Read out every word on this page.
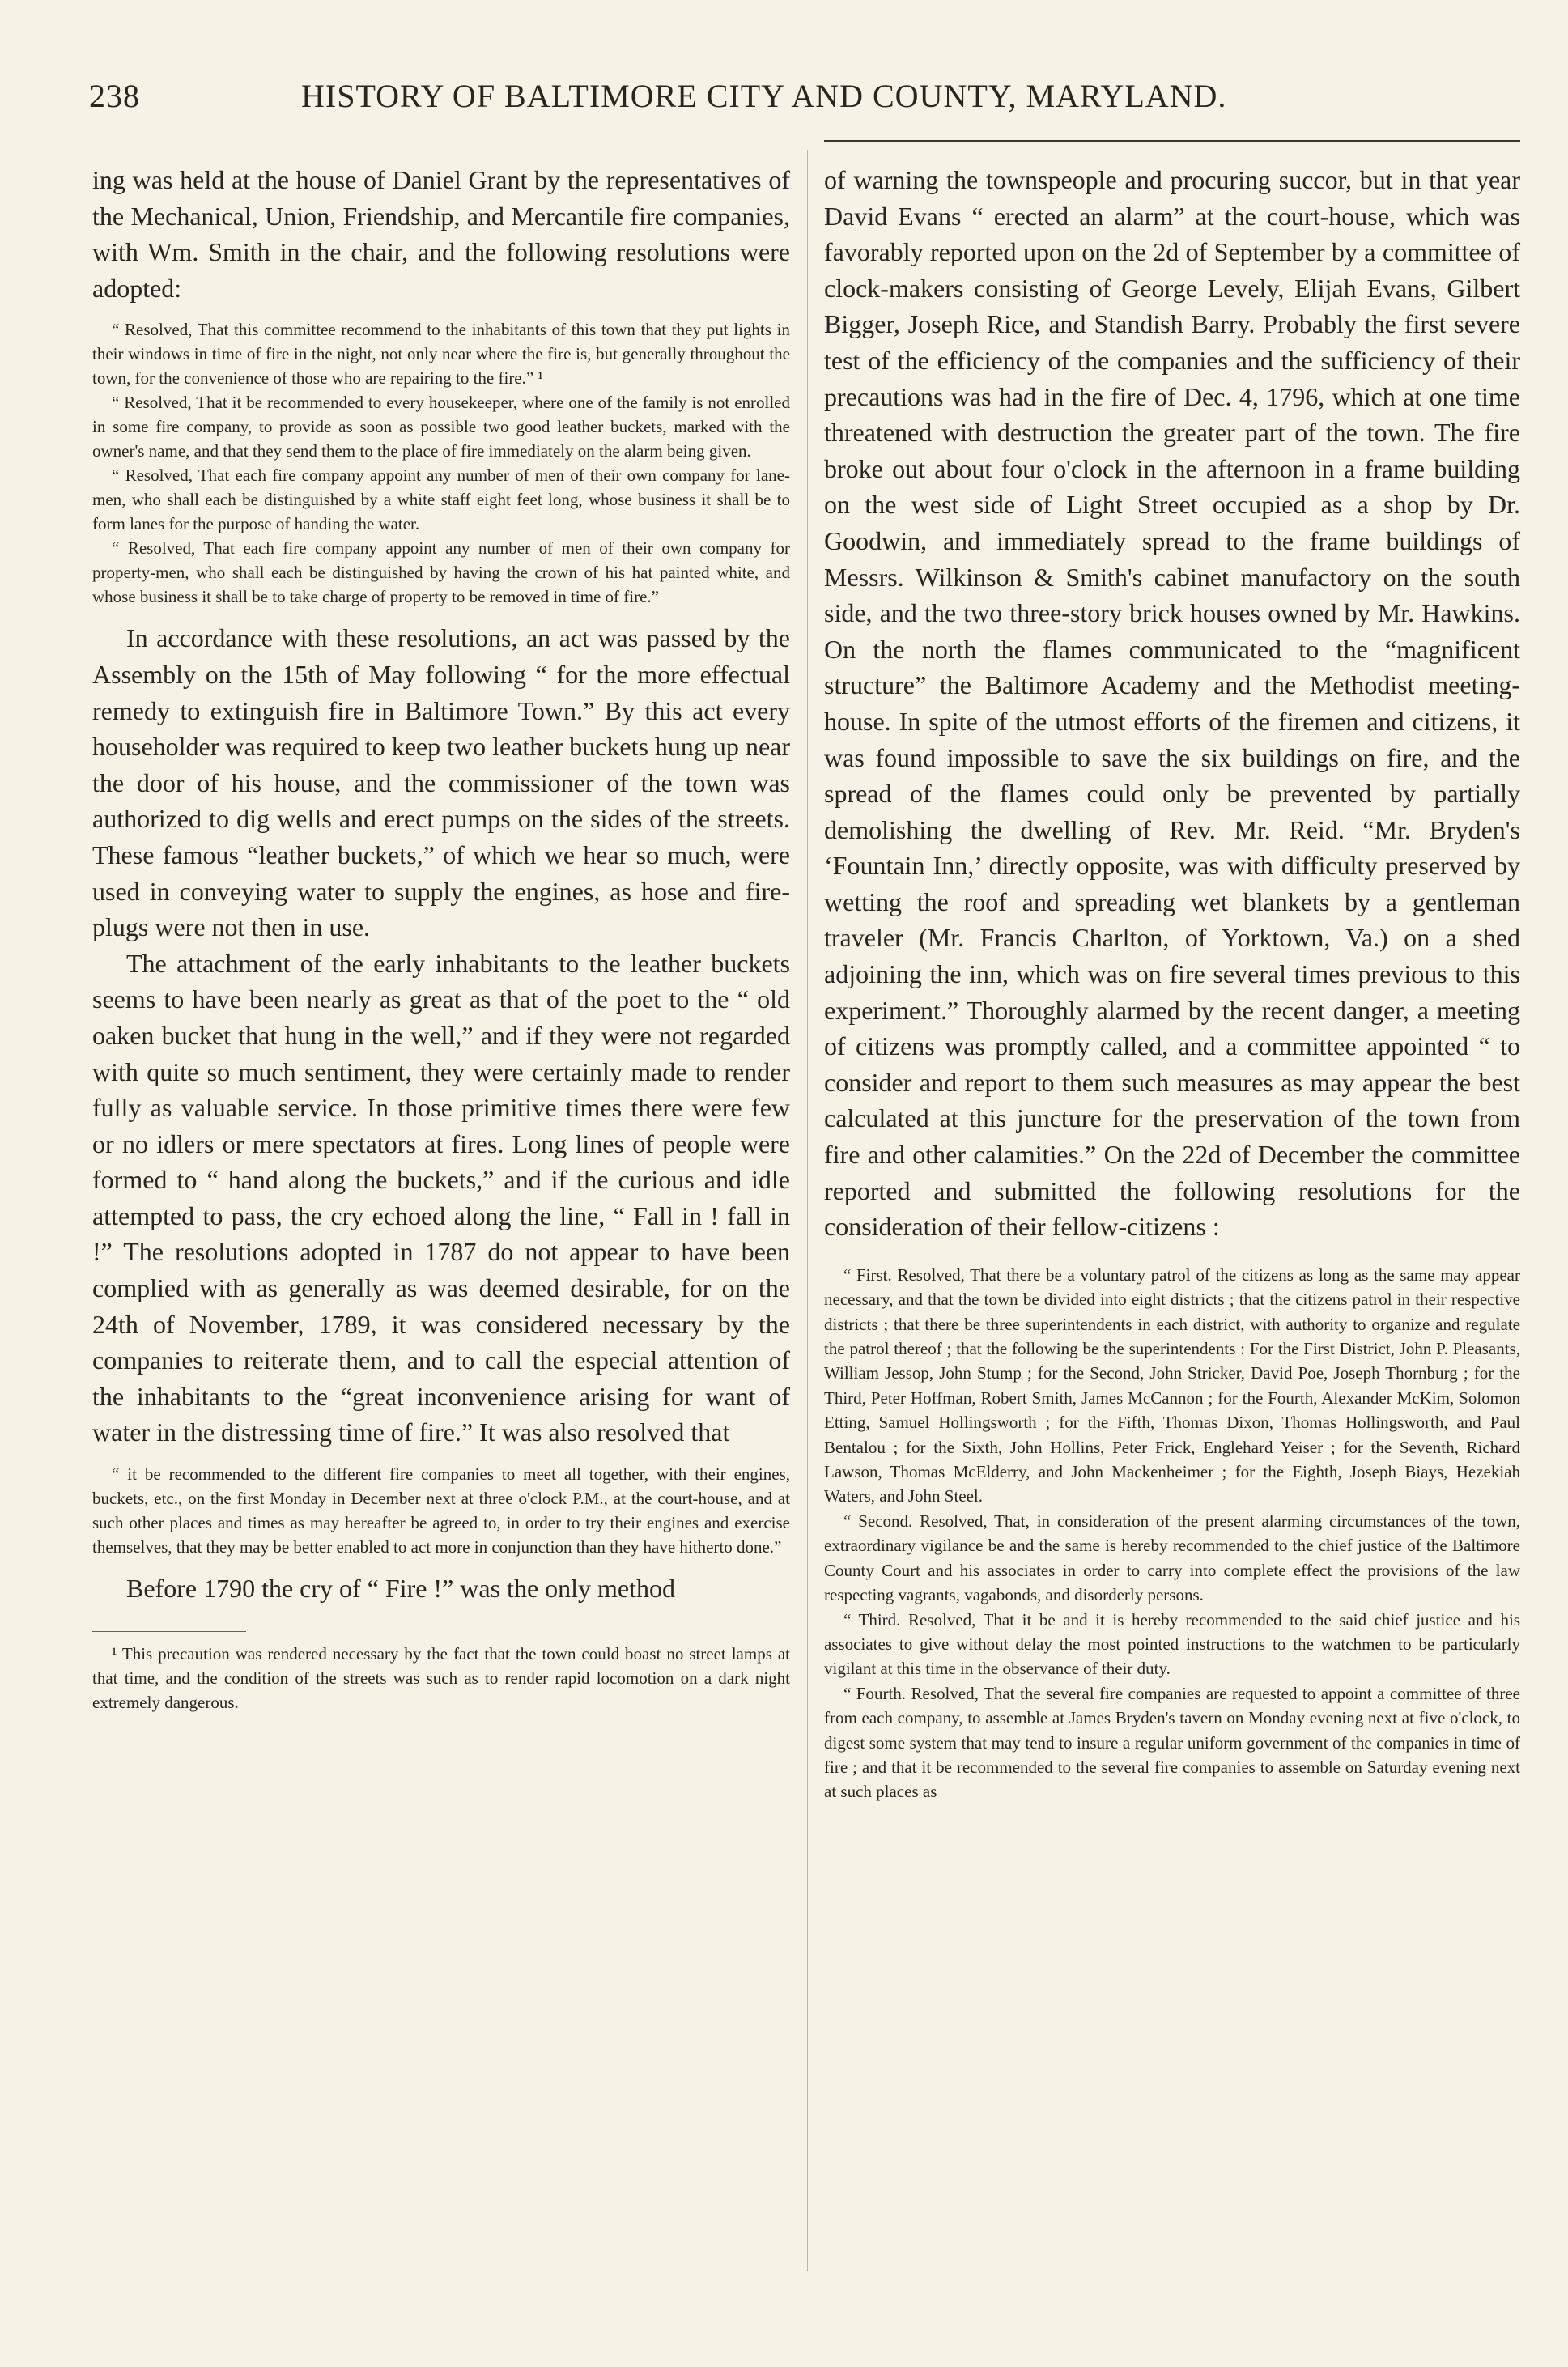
238	HISTORY OF BALTIMORE CITY AND COUNTY, MARYLAND.

ing was held at the house of Daniel Grant by the representatives of the Mechanical, Union, Friendship, and Mercantile fire companies, with Wm. Smith in the chair, and the following resolutions were adopted:

“ Resolved, That this committee recommend to the inhabitants of this town that they put lights in their windows in time of fire in the night, not only near where the fire is, but generally throughout the town, for the convenience of those who are repairing to the fire.” ¹

“ Resolved, That it be recommended to every housekeeper, where one of the family is not enrolled in some fire company, to provide as soon as possible two good leather buckets, marked with the owner's name, and that they send them to the place of fire immediately on the alarm being given.

“ Resolved, That each fire company appoint any number of men of their own company for lane-men, who shall each be distinguished by a white staff eight feet long, whose business it shall be to form lanes for the purpose of handing the water.

“ Resolved, That each fire company appoint any number of men of their own company for property-men, who shall each be distinguished by having the crown of his hat painted white, and whose business it shall be to take charge of property to be removed in time of fire.”

In accordance with these resolutions, an act was passed by the Assembly on the 15th of May following “ for the more effectual remedy to extinguish fire in Baltimore Town.” By this act every householder was required to keep two leather buckets hung up near the door of his house, and the commissioner of the town was authorized to dig wells and erect pumps on the sides of the streets. These famous “leather buckets,” of which we hear so much, were used in conveying water to supply the engines, as hose and fire-plugs were not then in use.

The attachment of the early inhabitants to the leather buckets seems to have been nearly as great as that of the poet to the “ old oaken bucket that hung in the well,” and if they were not regarded with quite so much sentiment, they were certainly made to render fully as valuable service. In those primitive times there were few or no idlers or mere spectators at fires. Long lines of people were formed to “ hand along the buckets,” and if the curious and idle attempted to pass, the cry echoed along the line, “ Fall in ! fall in !” The resolutions adopted in 1787 do not appear to have been complied with as generally as was deemed desirable, for on the 24th of November, 1789, it was considered necessary by the companies to reiterate them, and to call the especial attention of the inhabitants to the “great inconvenience arising for want of water in the distressing time of fire.” It was also resolved that

“ it be recommended to the different fire companies to meet all together, with their engines, buckets, etc., on the first Monday in December next at three o'clock P.M., at the court-house, and at such other places and times as may hereafter be agreed to, in order to try their engines and exercise themselves, that they may be better enabled to act more in conjunction than they have hitherto done.”

Before 1790 the cry of “ Fire !” was the only method

¹ This precaution was rendered necessary by the fact that the town could boast no street lamps at that time, and the condition of the streets was such as to render rapid locomotion on a dark night extremely dangerous.

of warning the townspeople and procuring succor, but in that year David Evans “ erected an alarm” at the court-house, which was favorably reported upon on the 2d of September by a committee of clock-makers consisting of George Levely, Elijah Evans, Gilbert Bigger, Joseph Rice, and Standish Barry. Probably the first severe test of the efficiency of the companies and the sufficiency of their precautions was had in the fire of Dec. 4, 1796, which at one time threatened with destruction the greater part of the town. The fire broke out about four o'clock in the afternoon in a frame building on the west side of Light Street occupied as a shop by Dr. Goodwin, and immediately spread to the frame buildings of Messrs. Wilkinson & Smith's cabinet manufactory on the south side, and the two three-story brick houses owned by Mr. Hawkins. On the north the flames communicated to the “magnificent structure” the Baltimore Academy and the Methodist meeting-house. In spite of the utmost efforts of the firemen and citizens, it was found impossible to save the six buildings on fire, and the spread of the flames could only be prevented by partially demolishing the dwelling of Rev. Mr. Reid. “Mr. Bryden's ‘Fountain Inn,’ directly opposite, was with difficulty preserved by wetting the roof and spreading wet blankets by a gentleman traveler (Mr. Francis Charlton, of Yorktown, Va.) on a shed adjoining the inn, which was on fire several times previous to this experiment.” Thoroughly alarmed by the recent danger, a meeting of citizens was promptly called, and a committee appointed “ to consider and report to them such measures as may appear the best calculated at this juncture for the preservation of the town from fire and other calamities.” On the 22d of December the committee reported and submitted the following resolutions for the consideration of their fellow-citizens :

“ First. Resolved, That there be a voluntary patrol of the citizens as long as the same may appear necessary, and that the town be divided into eight districts ; that the citizens patrol in their respective districts ; that there be three superintendents in each district, with authority to organize and regulate the patrol thereof ; that the following be the superintendents : For the First District, John P. Pleasants, William Jessop, John Stump ; for the Second, John Stricker, David Poe, Joseph Thornburg ; for the Third, Peter Hoffman, Robert Smith, James McCannon ; for the Fourth, Alexander McKim, Solomon Etting, Samuel Hollingsworth ; for the Fifth, Thomas Dixon, Thomas Hollingsworth, and Paul Bentalou ; for the Sixth, John Hollins, Peter Frick, Englehard Yeiser ; for the Seventh, Richard Lawson, Thomas McElderry, and John Mackenheimer ; for the Eighth, Joseph Biays, Hezekiah Waters, and John Steel.

“ Second. Resolved, That, in consideration of the present alarming circumstances of the town, extraordinary vigilance be and the same is hereby recommended to the chief justice of the Baltimore County Court and his associates in order to carry into complete effect the provisions of the law respecting vagrants, vagabonds, and disorderly persons.

“ Third. Resolved, That it be and it is hereby recommended to the said chief justice and his associates to give without delay the most pointed instructions to the watchmen to be particularly vigilant at this time in the observance of their duty.

“ Fourth. Resolved, That the several fire companies are requested to appoint a committee of three from each company, to assemble at James Bryden's tavern on Monday evening next at five o'clock, to digest some system that may tend to insure a regular uniform government of the companies in time of fire ; and that it be recommended to the several fire companies to assemble on Saturday evening next at such places as
